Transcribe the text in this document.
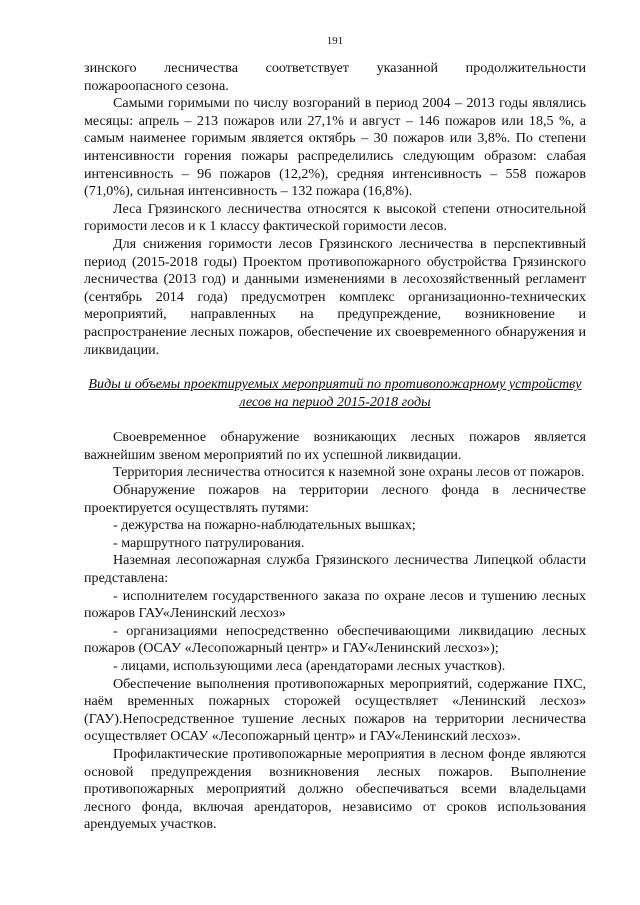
191

зинского лесничества соответствует указанной продолжительности пожароопасного сезона.

Самыми горимыми по числу возгораний в период 2004 – 2013 годы являлись месяцы: апрель – 213 пожаров или 27,1% и август – 146 пожаров или 18,5 %, а самым наименее горимым является октябрь – 30 пожаров или 3,8%. По степени интенсивности горения пожары распределились следующим образом: слабая интенсивность – 96 пожаров (12,2%), средняя интенсивность – 558 пожаров (71,0%), сильная интенсивность – 132 пожара (16,8%).

Леса Грязинского лесничества относятся к высокой степени относительной горимости лесов и к 1 классу фактической горимости лесов.

Для снижения горимости лесов Грязинского лесничества в перспективный период (2015-2018 годы) Проектом противопожарного обустройства Грязинского лесничества (2013 год) и данными изменениями в лесохозяйственный регламент (сентябрь 2014 года) предусмотрен комплекс организационно-технических мероприятий, направленных на предупреждение, возникновение и распространение лесных пожаров, обеспечение их своевременного обнаружения и ликвидации.

Виды и объемы проектируемых мероприятий по противопожарному устройству лесов на период 2015-2018 годы

Своевременное обнаружение возникающих лесных пожаров является важнейшим звеном мероприятий по их успешной ликвидации.

Территория лесничества относится к наземной зоне охраны лесов от пожаров.

Обнаружение пожаров на территории лесного фонда в лесничестве проектируется осуществлять путями:

- дежурства на пожарно-наблюдательных вышках;

- маршрутного патрулирования.

Наземная лесопожарная служба Грязинского лесничества Липецкой области представлена:

- исполнителем государственного заказа по охране лесов и тушению лесных пожаров ГАУ«Ленинский лесхоз»

- организациями непосредственно обеспечивающими ликвидацию лесных пожаров (ОСАУ «Лесопожарный центр» и ГАУ«Ленинский лесхоз»);

- лицами, использующими леса (арендаторами лесных участков).

Обеспечение выполнения противопожарных мероприятий, содержание ПХС, наём временных пожарных сторожей осуществляет «Ленинский лесхоз» (ГАУ).Непосредственное тушение лесных пожаров на территории лесничества осуществляет ОСАУ «Лесопожарный центр» и ГАУ«Ленинский лесхоз».

Профилактические противопожарные мероприятия в лесном фонде являются основой предупреждения возникновения лесных пожаров. Выполнение противопожарных мероприятий должно обеспечиваться всеми владельцами лесного фонда, включая арендаторов, независимо от сроков использования арендуемых участков.
